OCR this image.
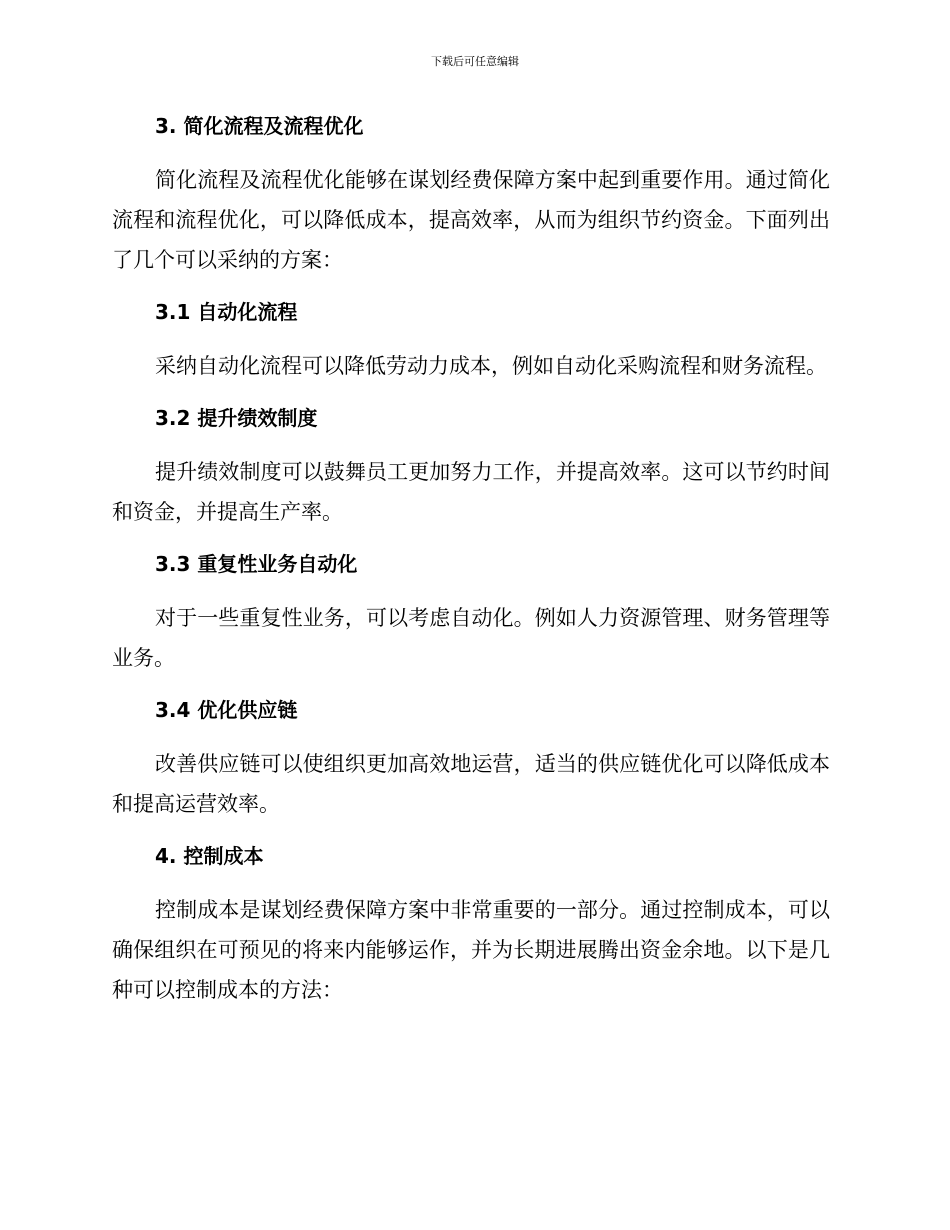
下载后可任意编辑
3. 简化流程及流程优化

简化流程及流程优化能够在谋划经费保障方案中起到重要作用。通过简化流程和流程优化，可以降低成本，提高效率，从而为组织节约资金。下面列出了几个可以采纳的方案：

3.1 自动化流程

采纳自动化流程可以降低劳动力成本，例如自动化采购流程和财务流程。

3.2 提升绩效制度

提升绩效制度可以鼓舞员工更加努力工作，并提高效率。这可以节约时间和资金，并提高生产率。

3.3 重复性业务自动化

对于一些重复性业务，可以考虑自动化。例如人力资源管理、财务管理等业务。

3.4 优化供应链

改善供应链可以使组织更加高效地运营，适当的供应链优化可以降低成本和提高运营效率。

4. 控制成本

控制成本是谋划经费保障方案中非常重要的一部分。通过控制成本，可以确保组织在可预见的将来内能够运作，并为长期进展腾出资金余地。以下是几种可以控制成本的方法：
